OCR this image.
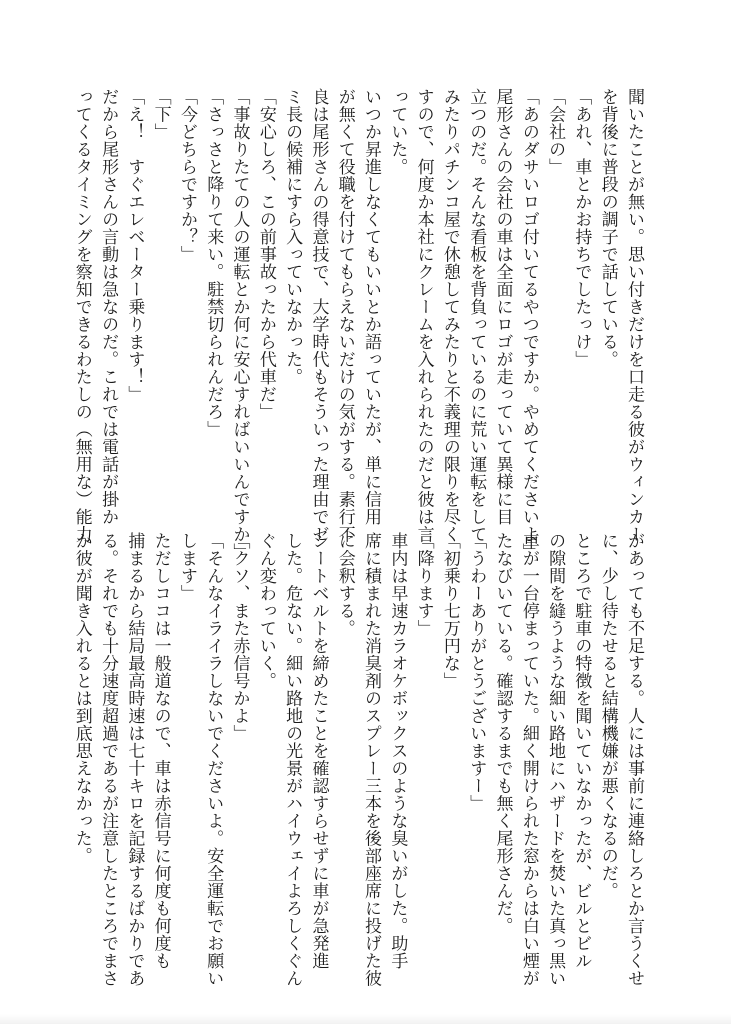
聞いたことが無い。思い付きだけを口走る彼がウィンカー
を背後に普段の調子で話している。
「あれ、車とかお持ちでしたっけ」
「会社の」
「あのダサいロゴ付いてるやつですか。やめてくださいよ」
尾形さんの会社の車は全面にロゴが走っていて異様に目
立つのだ。そんな看板を背負っているのに荒い運転をして
みたりパチンコ屋で休憩してみたりと不義理の限りを尽く
すので、何度か本社にクレームを入れられたのだと彼は言
っていた。
いつか昇進しなくてもいいとか語っていたが、単に信用
が無くて役職を付けてもらえないだけの気がする。素行不
良は尾形さんの得意技で、大学時代もそういった理由でゼ
ミ長の候補にすら入っていなかった。
「安心しろ、この前事故ったから代車だ」
「事故りたての人の運転とか何に安心すればいいんですか」
「さっさと降りて来い。駐禁切られんだろ」
「今どちらですか？」
「下」
「え！　すぐエレベーター乗ります！」
だから尾形さんの言動は急なのだ。これでは電話が掛か
ってくるタイミングを察知できるわたしの（無用な）能力
があっても不足する。人には事前に連絡しろとか言うくせ
に、少し待たせると結構機嫌が悪くなるのだ。
ところで駐車の特徴を聞いていなかったが、ビルとビル
の隙間を縫うような細い路地にハザードを焚いた真っ黒い
車が一台停まっていた。細く開けられた窓からは白い煙が
たなびいている。確認するまでも無く尾形さんだ。
「うわーありがとうございますー」
「初乗り七万円な」
「降ります」
車内は早速カラオケボックスのような臭いがした。助手
席に積まれた消臭剤のスプレー三本を後部座席に投げた彼
に会釈する。
シートベルトを締めたことを確認すらせずに車が急発進
した。危ない。細い路地の光景がハイウェイよろしくぐん
ぐん変わっていく。
「クソ、また赤信号かよ」
「そんなイライラしないでくださいよ。安全運転でお願い
します」
ただしココは一般道なので、車は赤信号に何度も何度も
捕まるから結局最高時速は七十キロを記録するばかりであ
る。それでも十分速度超過であるが注意したところでまさ
か彼が聞き入れるとは到底思えなかった。
